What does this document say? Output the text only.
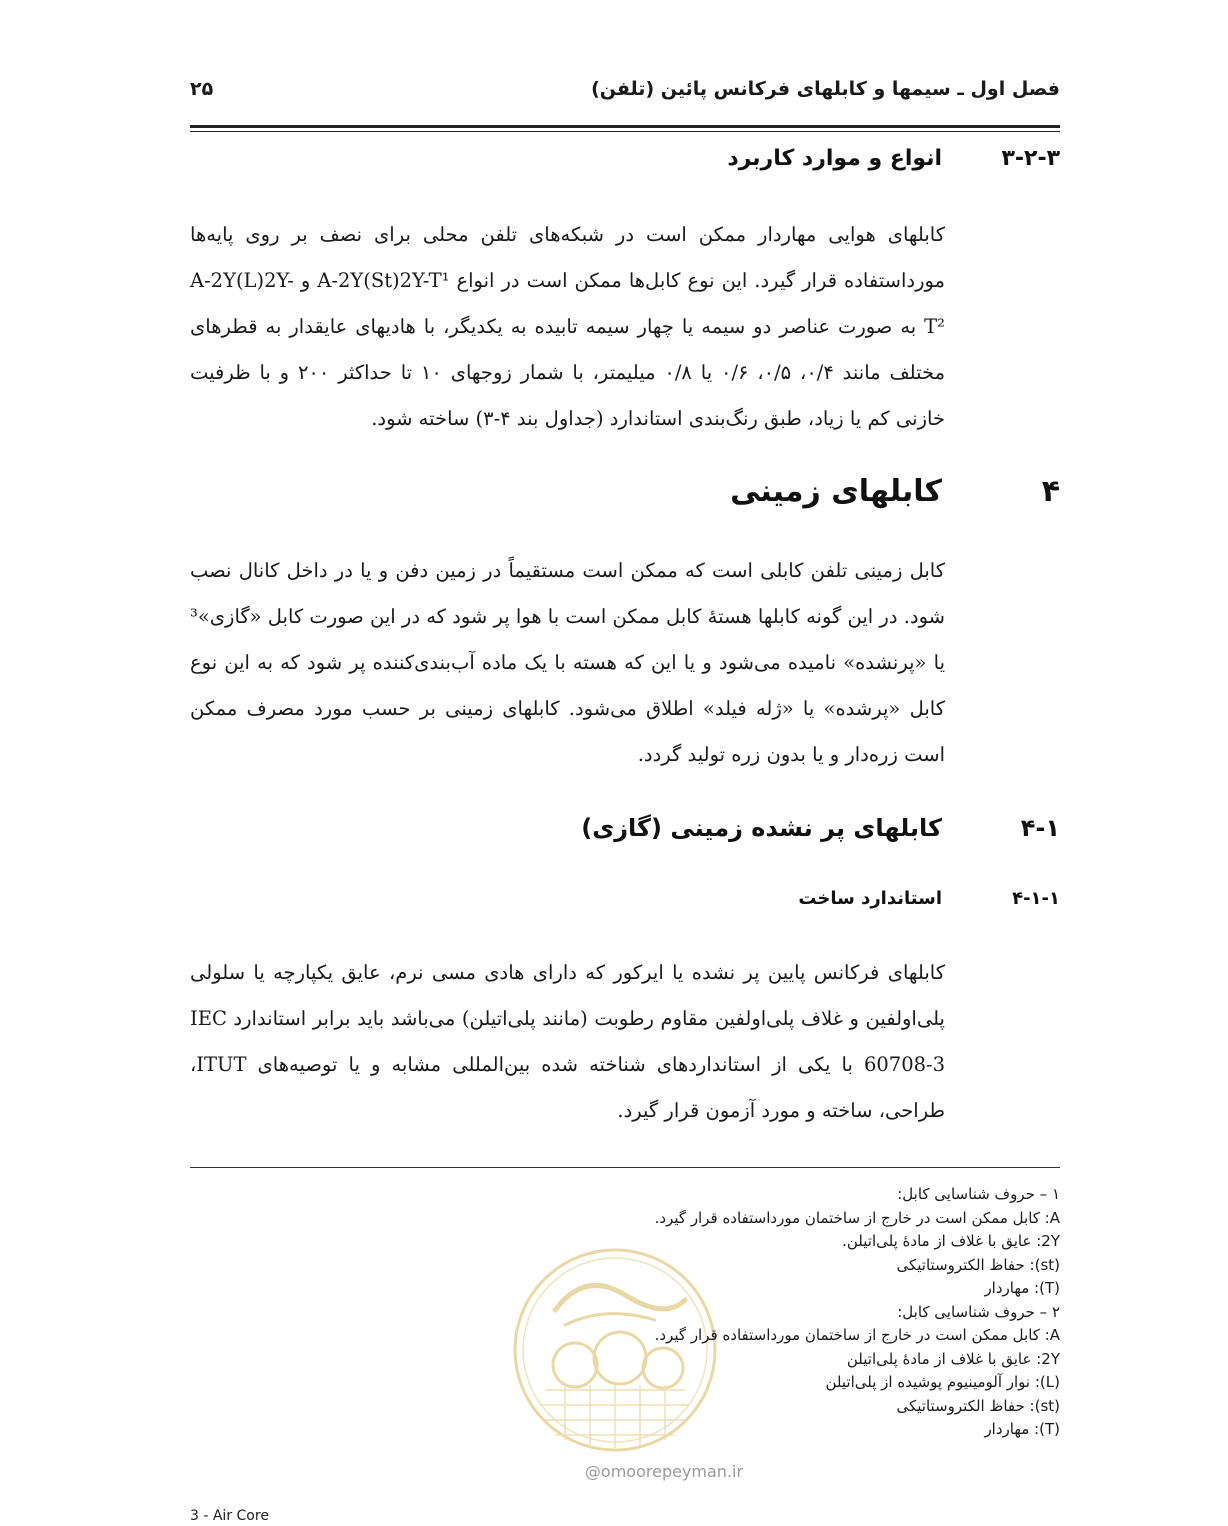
فصل اول ـ سیمها و کابلهای فرکانس پائین (تلفن)
۲۵
۳-۲-۳
انواع و موارد کاربرد
کابلهای هوایی مهاردار ممکن است در شبکه‌های تلفن محلی برای نصف بر روی پایه‌ها مورداستفاده قرار گیرد. این نوع کابل‌ها ممکن است در انواع A-2Y(St)2Y-T¹ و A-2Y(L)2Y-T² به صورت عناصر دو سیمه یا چهار سیمه تابیده به یکدیگر، با هادیهای عایقدار به قطرهای مختلف مانند ۰/۴، ۰/۵، ۰/۶ یا ۰/۸ میلیمتر، با شمار زوجهای ۱۰ تا حداکثر ۲۰۰ و با ظرفیت خازنی کم یا زیاد، طبق رنگ‌بندی استاندارد (جداول بند ۴-۳) ساخته شود.
۴
کابلهای زمینی
کابل زمینی تلفن کابلی است که ممکن است مستقیماً در زمین دفن و یا در داخل کانال نصب شود. در این گونه کابلها هستهٔ کابل ممکن است با هوا پر شود که در این صورت کابل «گازی»³ یا «پرنشده» نامیده می‌شود و یا این که هسته با یک ماده آب‌بندی‌کننده پر شود که به این نوع کابل «پرشده» یا «ژله فیلد» اطلاق می‌شود. کابلهای زمینی بر حسب مورد مصرف ممکن است زره‌دار و یا بدون زره تولید گردد.
۴-۱
کابلهای پر نشده زمینی (گازی)
۴-۱-۱
استاندارد ساخت
کابلهای فرکانس پایین پر نشده یا ایرکور که دارای هادی مسی نرم، عایق یکپارچه یا سلولی پلی‌اولفین و غلاف پلی‌اولفین مقاوم رطوبت (مانند پلی‌اتیلن) می‌باشد باید برابر استاندارد IEC 60708-3 با یکی از استانداردهای شناخته شده بین‌المللی مشابه و یا توصیه‌های ITUT، طراحی، ساخته و مورد آزمون قرار گیرد.
۱ – حروف شناسایی کابل:
A: کابل ممکن است در خارج از ساختمان مورداستفاده قرار گیرد.
2Y: عایق با غلاف از مادهٔ پلی‌اتیلن.
(st): حفاظ الکتروستاتیکی
(T): مهاردار
۲ – حروف شناسایی کابل:
A: کابل ممکن است در خارج از ساختمان مورداستفاده قرار گیرد.
2Y: عایق با غلاف از مادهٔ پلی‌اتیلن
(L): نوار آلومینیوم پوشیده از پلی‌اتیلن
(st): حفاظ الکتروستاتیکی
(T): مهاردار
@omoorepeyman.ir
3 - Air Core
